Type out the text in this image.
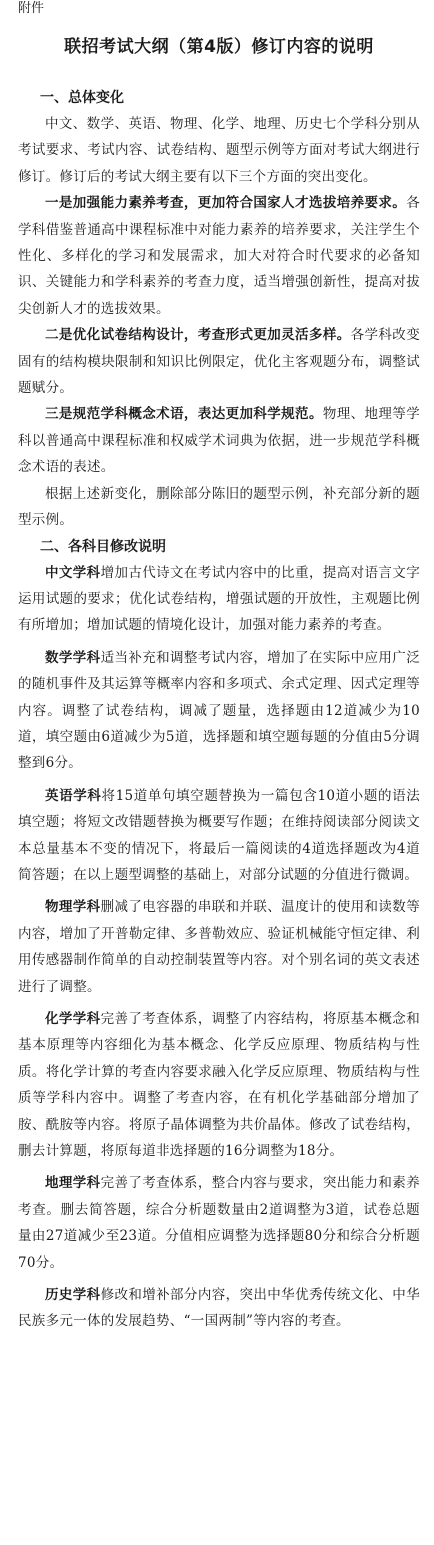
附件
联招考试大纲（第4版）修订内容的说明
一、总体变化

中文、数学、英语、物理、化学、地理、历史七个学科分别从考试要求、考试内容、试卷结构、题型示例等方面对考试大纲进行修订。修订后的考试大纲主要有以下三个方面的突出变化。

一是加强能力素养考查，更加符合国家人才选拔培养要求。各学科借鉴普通高中课程标准中对能力素养的培养要求，关注学生个性化、多样化的学习和发展需求，加大对符合时代要求的必备知识、关键能力和学科素养的考查力度，适当增强创新性，提高对拔尖创新人才的选拔效果。

二是优化试卷结构设计，考查形式更加灵活多样。各学科改变固有的结构模块限制和知识比例限定，优化主客观题分布，调整试题赋分。

三是规范学科概念术语，表达更加科学规范。物理、地理等学科以普通高中课程标准和权威学术词典为依据，进一步规范学科概念术语的表述。

根据上述新变化，删除部分陈旧的题型示例，补充部分新的题型示例。

二、各科目修改说明

中文学科增加古代诗文在考试内容中的比重，提高对语言文字运用试题的要求；优化试卷结构，增强试题的开放性，主观题比例有所增加；增加试题的情境化设计，加强对能力素养的考查。

数学学科适当补充和调整考试内容，增加了在实际中应用广泛的随机事件及其运算等概率内容和多项式、余式定理、因式定理等内容。调整了试卷结构，调减了题量，选择题由12道减少为10道，填空题由6道减少为5道，选择题和填空题每题的分值由5分调整到6分。

英语学科将15道单句填空题替换为一篇包含10道小题的语法填空题；将短文改错题替换为概要写作题；在维持阅读部分阅读文本总量基本不变的情况下，将最后一篇阅读的4道选择题改为4道简答题；在以上题型调整的基础上，对部分试题的分值进行微调。

物理学科删减了电容器的串联和并联、温度计的使用和读数等内容，增加了开普勒定律、多普勒效应、验证机械能守恒定律、利用传感器制作简单的自动控制装置等内容。对个别名词的英文表述进行了调整。

化学学科完善了考查体系，调整了内容结构，将原基本概念和基本原理等内容细化为基本概念、化学反应原理、物质结构与性质。将化学计算的考查内容要求融入化学反应原理、物质结构与性质等学科内容中。调整了考查内容，在有机化学基础部分增加了胺、酰胺等内容。将原子晶体调整为共价晶体。修改了试卷结构，删去计算题，将原每道非选择题的16分调整为18分。

地理学科完善了考查体系，整合内容与要求，突出能力和素养考查。删去简答题，综合分析题数量由2道调整为3道，试卷总题量由27道减少至23道。分值相应调整为选择题80分和综合分析题70分。

历史学科修改和增补部分内容，突出中华优秀传统文化、中华民族多元一体的发展趋势、“一国两制”等内容的考查。
